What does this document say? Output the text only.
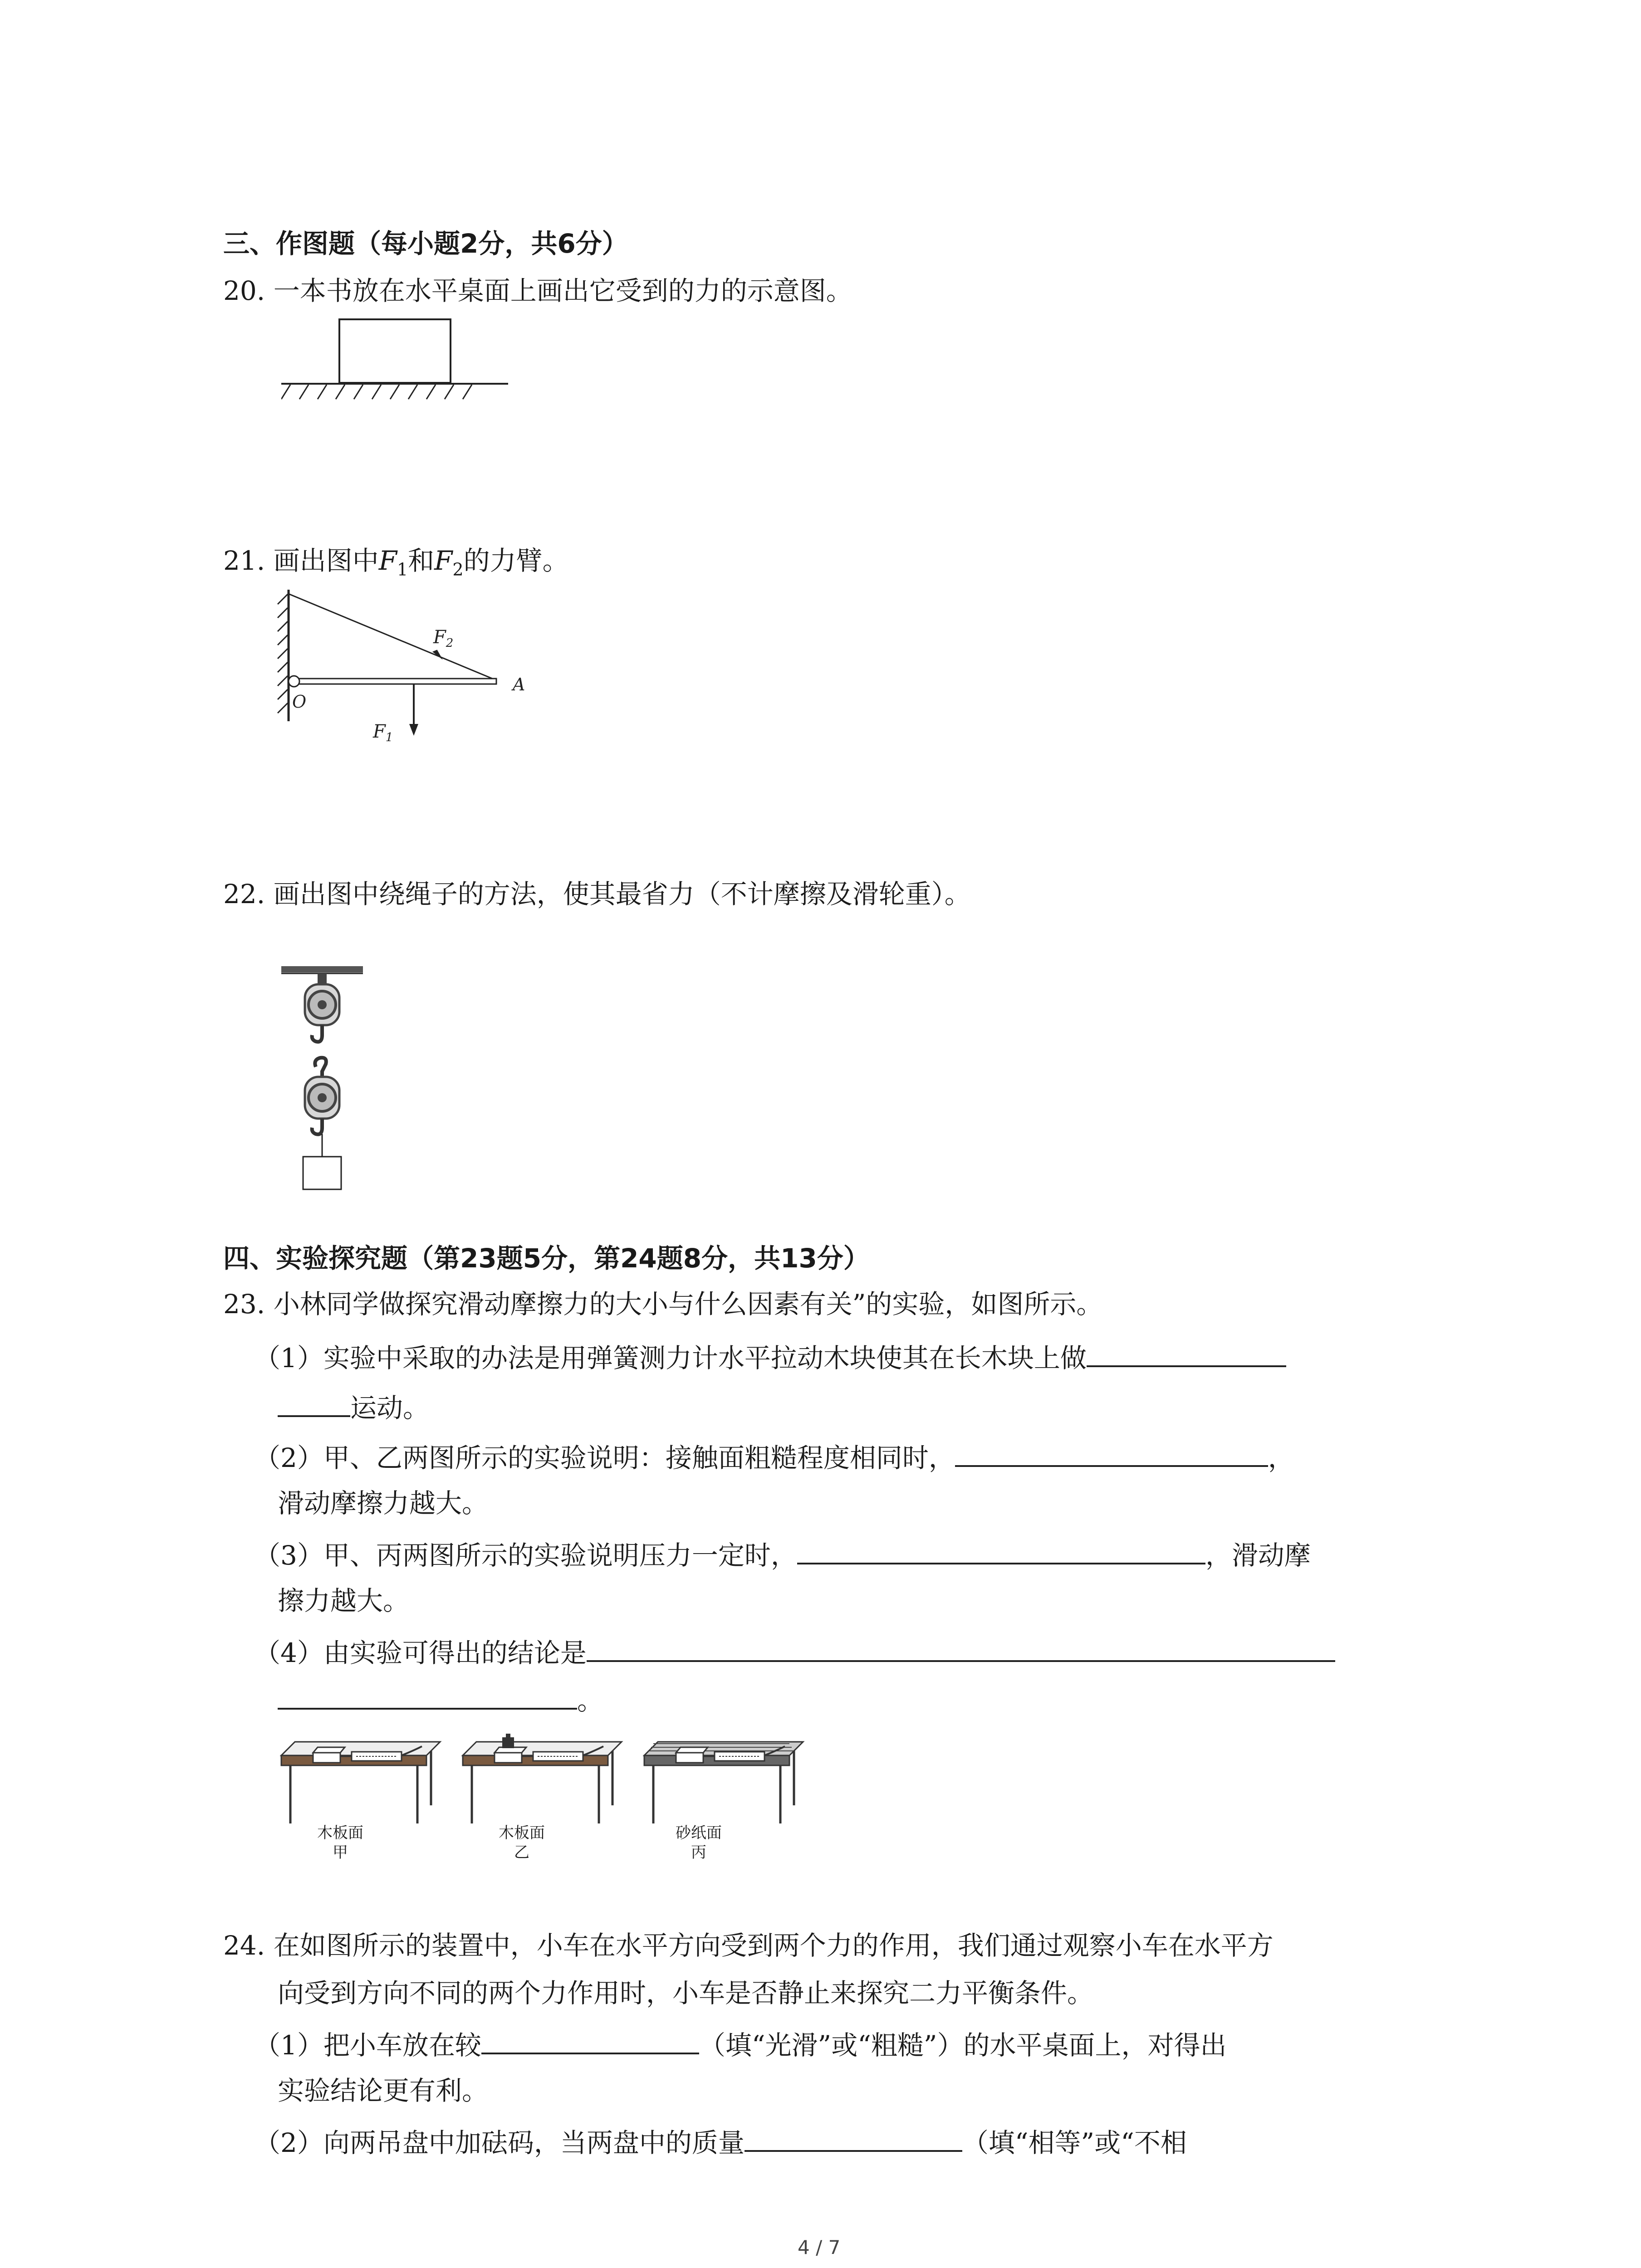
三、作图题（每小题2分，共6分）
20. 一本书放在水平桌面上画出它受到的力的示意图。
21. 画出图中$F_1$和$F_2$的力臂。
$F_2$
O
A
$F_1$
22. 画出图中绕绳子的方法，使其最省力（不计摩擦及滑轮重）。
四、实验探究题（第23题5分，第24题8分，共13分）
23. 小林同学做探究滑动摩擦力的大小与什么因素有关”的实验，如图所示。
（1）实验中采取的办法是用弹簧测力计水平拉动木块使其在长木块上做
运动。
（2）甲、乙两图所示的实验说明：接触面粗糙程度相同时，	，
滑动摩擦力越大。
（3）甲、丙两图所示的实验说明压力一定时，	，滑动摩
擦力越大。
（4）由实验可得出的结论是
。
木板面
甲
木板面
乙
砂纸面
丙
24. 在如图所示的装置中，小车在水平方向受到两个力的作用，我们通过观察小车在水平方
向受到方向不同的两个力作用时，小车是否静止来探究二力平衡条件。
（1）把小车放在较	（填“光滑”或“粗糙”）的水平桌面上，对得出
实验结论更有利。
（2）向两吊盘中加砝码，当两盘中的质量	（填“相等”或“不相
4 / 7
